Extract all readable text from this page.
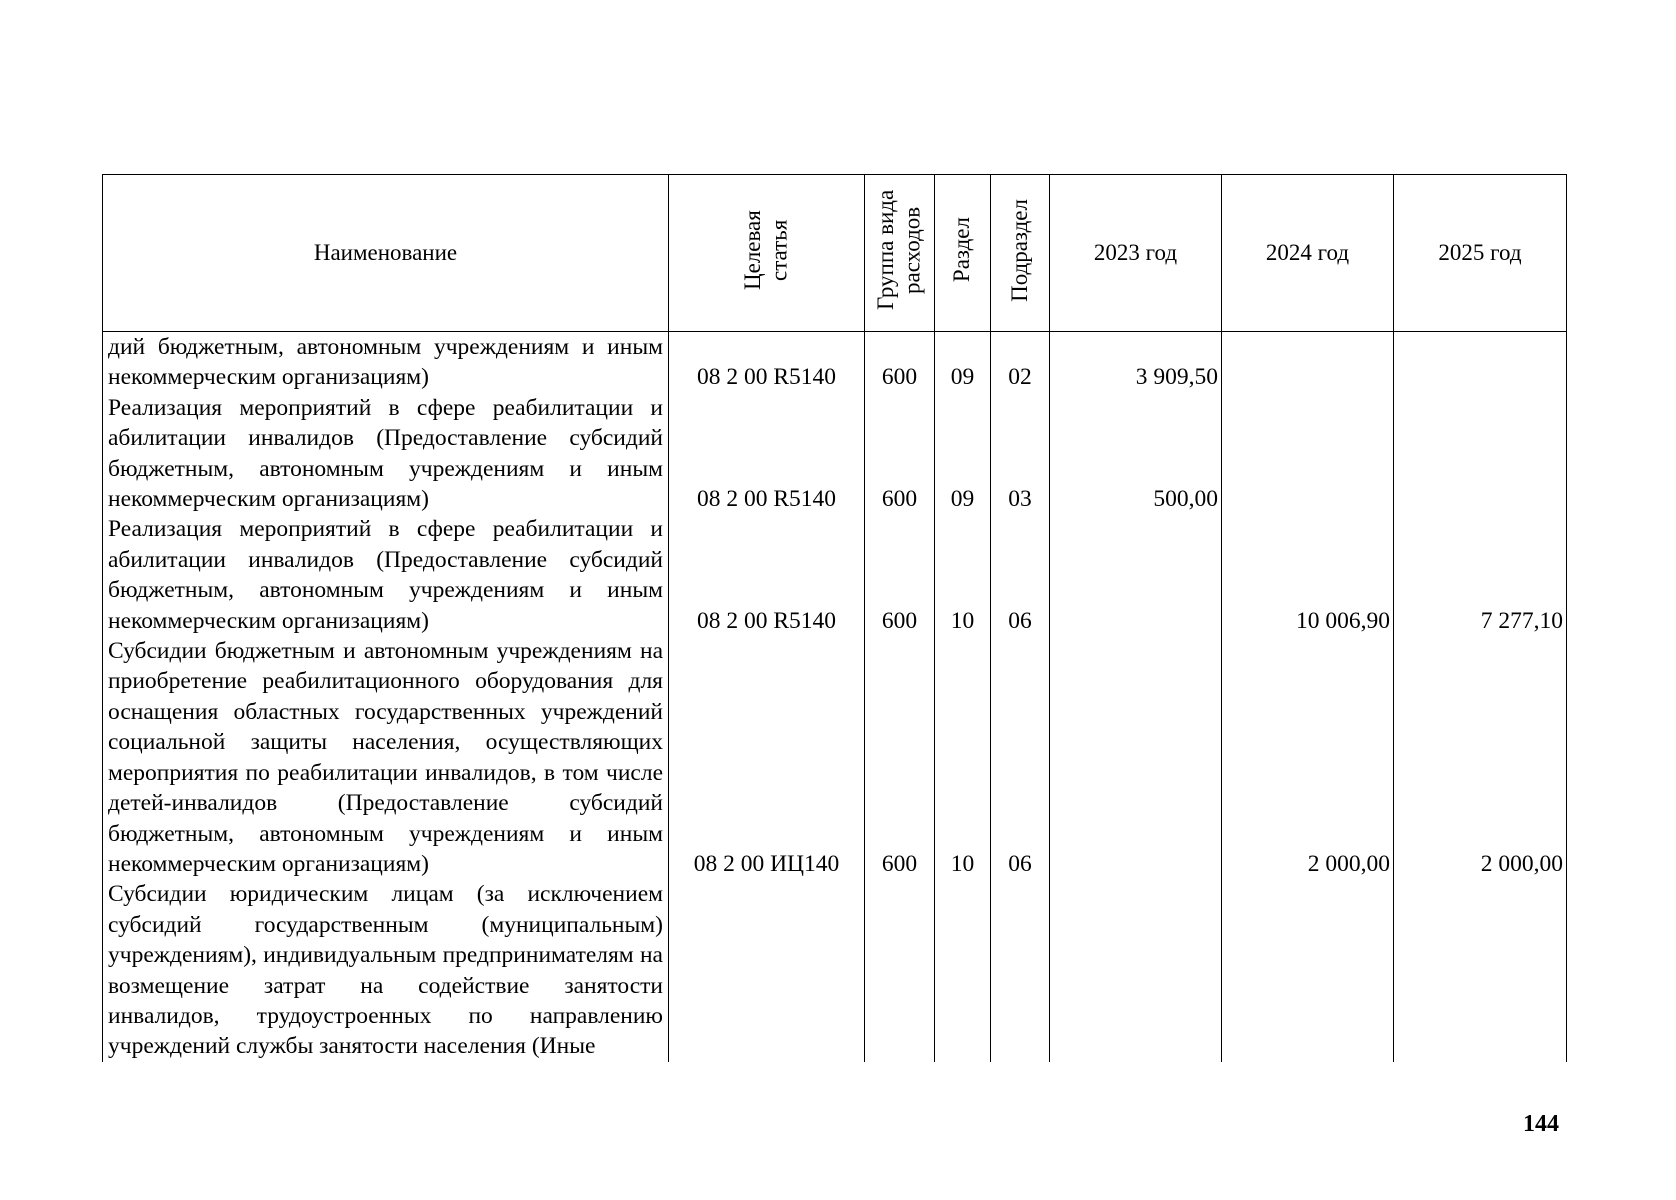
Наименование	Целевая статья	Группа вида расходов	Раздел	Подраздел	2023 год	2024 год	2025 год
дий бюджетным, автономным учреждениям и иным некоммерческим организациям)	08 2 00 R5140	600	09	02	3 909,50		
Реализация мероприятий в сфере реабилитации и абилитации инвалидов (Предоставление субсидий бюджетным, автономным учреждениям и иным некоммерческим организациям)	08 2 00 R5140	600	09	03	500,00		
Реализация мероприятий в сфере реабилитации и абилитации инвалидов (Предоставление субсидий бюджетным, автономным учреждениям и иным некоммерческим организациям)	08 2 00 R5140	600	10	06		10 006,90	7 277,10
Субсидии бюджетным и автономным учреждениям на приобретение реабилитационного оборудования для оснащения областных государственных учреждений социальной защиты населения, осуществляющих мероприятия по реабилитации инвалидов, в том числе детей-инвалидов (Предоставление субсидий бюджетным, автономным учреждениям и иным некоммерческим организациям)	08 2 00 ИЦ140	600	10	06		2 000,00	2 000,00
Субсидии юридическим лицам (за исключением субсидий государственным (муниципальным) учреждениям), индивидуальным предпринимателям на возмещение затрат на содействие занятости инвалидов, трудоустроенных по направлению учреждений службы занятости населения (Иные							
144
